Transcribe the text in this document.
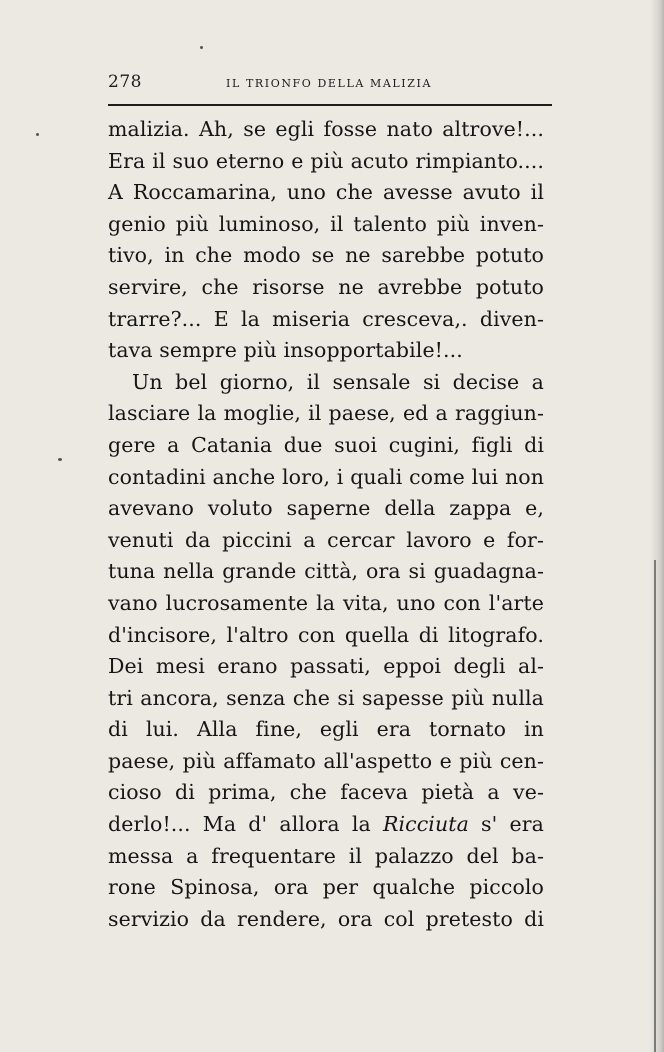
278	IL TRIONFO DELLA MALIZIA
malizia. Ah, se egli fosse nato altrove!...
Era il suo eterno e più acuto rimpianto....
A Roccamarina, uno che avesse avuto il
genio più luminoso, il talento più inven-
tivo, in che modo se ne sarebbe potuto
servire, che risorse ne avrebbe potuto
trarre?... E la miseria cresceva,. diven-
tava sempre più insopportabile!...
Un bel giorno, il sensale si decise a
lasciare la moglie, il paese, ed a raggiun-
gere a Catania due suoi cugini, figli di
contadini anche loro, i quali come lui non
avevano voluto saperne della zappa e,
venuti da piccini a cercar lavoro e for-
tuna nella grande città, ora si guadagna-
vano lucrosamente la vita, uno con l'arte
d'incisore, l'altro con quella di litografo.
Dei mesi erano passati, eppoi degli al-
tri ancora, senza che si sapesse più nulla
di lui. Alla fine, egli era tornato in
paese, più affamato all'aspetto e più cen-
cioso di prima, che faceva pietà a ve-
derlo!... Ma d' allora la Ricciuta s' era
messa a frequentare il palazzo del ba-
rone Spinosa, ora per qualche piccolo
servizio da rendere, ora col pretesto di
